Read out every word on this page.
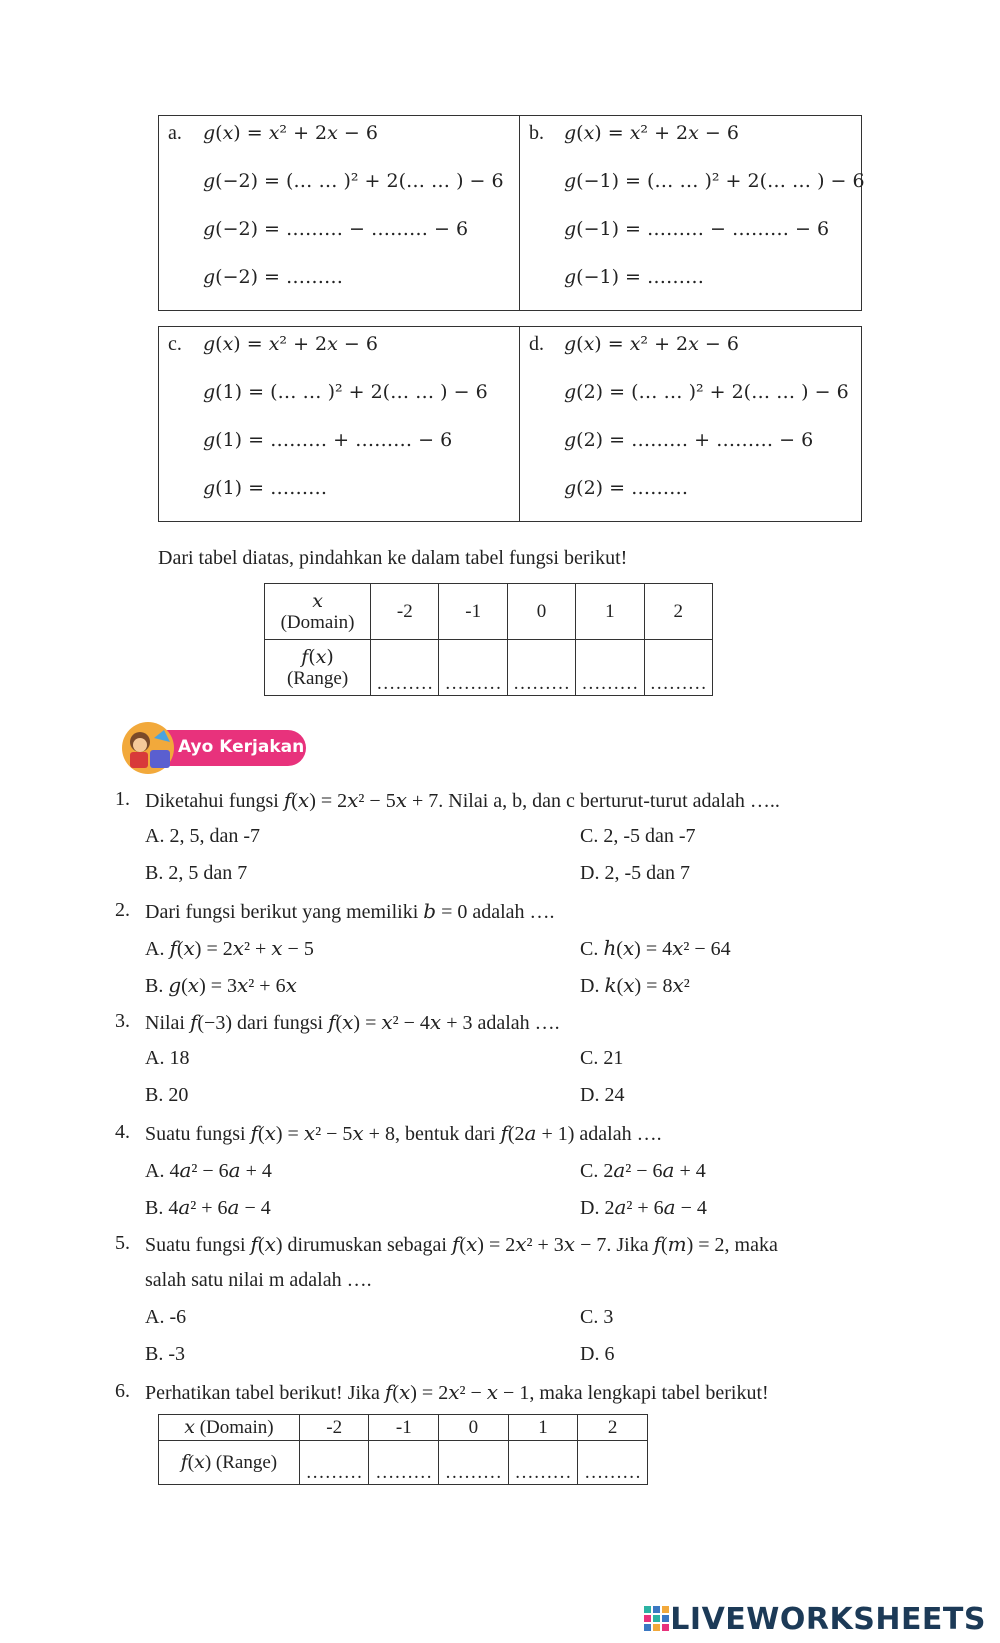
a. 𝑔(𝑥) = 𝑥² + 2𝑥 − 6
𝑔(−2) = (… … )² + 2(… … ) − 6
𝑔(−2) = ……… − ……… − 6
𝑔(−2) = ………
b. 𝑔(𝑥) = 𝑥² + 2𝑥 − 6
𝑔(−1) = (… … )² + 2(… … ) − 6
𝑔(−1) = ……… − ……… − 6
𝑔(−1) = ………
c. 𝑔(𝑥) = 𝑥² + 2𝑥 − 6
𝑔(1) = (… … )² + 2(… … ) − 6
𝑔(1) = ……… + ……… − 6
𝑔(1) = ………
d. 𝑔(𝑥) = 𝑥² + 2𝑥 − 6
𝑔(2) = (… … )² + 2(… … ) − 6
𝑔(2) = ……… + ……… − 6
𝑔(2) = ………
Dari tabel diatas, pindahkan ke dalam tabel fungsi berikut!
𝑥
(Domain)	-2	-1	0	1	2

𝑓(𝑥)
(Range)	………	………	………	………	………
Ayo Kerjakan
1. Diketahui fungsi 𝑓(𝑥) = 2𝑥² − 5𝑥 + 7. Nilai a, b, dan c berturut-turut adalah …..
A. 2, 5, dan -7	C. 2, -5 dan -7
B. 2, 5 dan 7	D. 2, -5 dan 7
2. Dari fungsi berikut yang memiliki 𝑏 = 0 adalah ….
A. 𝑓(𝑥) = 2𝑥² + 𝑥 − 5	C. ℎ(𝑥) = 4𝑥² − 64
B. 𝑔(𝑥) = 3𝑥² + 6𝑥	D. 𝑘(𝑥) = 8𝑥²
3. Nilai 𝑓(−3) dari fungsi 𝑓(𝑥) = 𝑥² − 4𝑥 + 3 adalah ….
A. 18	C. 21
B. 20	D. 24
4. Suatu fungsi 𝑓(𝑥) = 𝑥² − 5𝑥 + 8, bentuk dari 𝑓(2𝑎 + 1) adalah ….
A. 4𝑎² − 6𝑎 + 4	C. 2𝑎² − 6𝑎 + 4
B. 4𝑎² + 6𝑎 − 4	D. 2𝑎² + 6𝑎 − 4
5. Suatu fungsi 𝑓(𝑥) dirumuskan sebagai 𝑓(𝑥) = 2𝑥² + 3𝑥 − 7. Jika 𝑓(𝑚) = 2, maka
salah satu nilai m adalah ….
A. -6	C. 3
B. -3	D. 6
6. Perhatikan tabel berikut! Jika 𝑓(𝑥) = 2𝑥² − 𝑥 − 1, maka lengkapi tabel berikut!
𝑥 (Domain)	-2	-1	0	1	2
𝑓(𝑥) (Range)	………	………	………	………	………
LIVEWORKSHEETS
